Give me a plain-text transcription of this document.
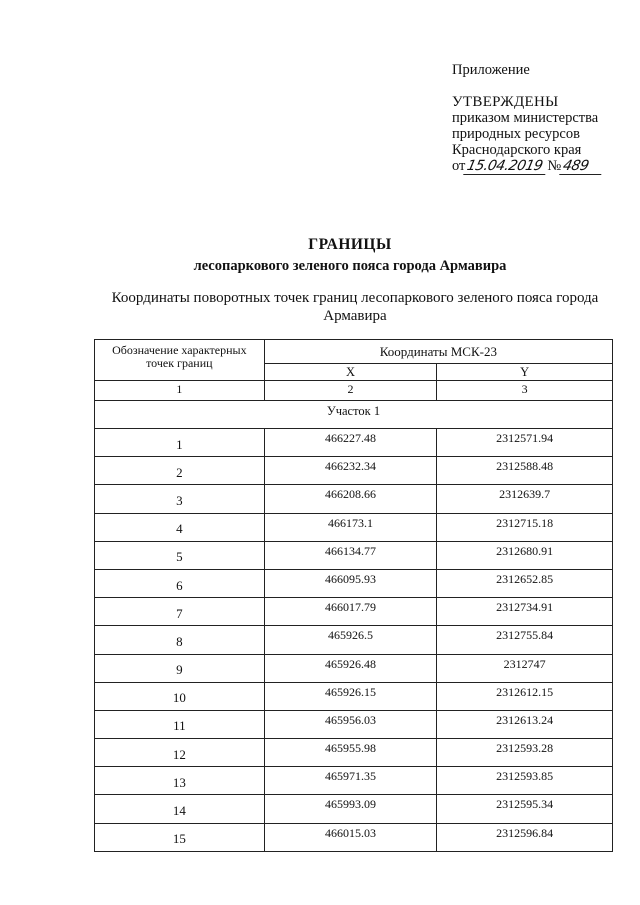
Приложение
УТВЕРЖДЕНЫ
приказом министерства
природных ресурсов
Краснодарского края
от 15.04.2019 № 489
ГРАНИЦЫ
лесопаркового зеленого пояса города Армавира
Координаты поворотных точек границ лесопаркового зеленого пояса города Армавира
Обозначение характерных точек границ	Координаты МСК-23	
	X	Y
1	2	3
Участок 1		
1	466227.48	2312571.94
2	466232.34	2312588.48
3	466208.66	2312639.7
4	466173.1	2312715.18
5	466134.77	2312680.91
6	466095.93	2312652.85
7	466017.79	2312734.91
8	465926.5	2312755.84
9	465926.48	2312747
10	465926.15	2312612.15
11	465956.03	2312613.24
12	465955.98	2312593.28
13	465971.35	2312593.85
14	465993.09	2312595.34
15	466015.03	2312596.84
